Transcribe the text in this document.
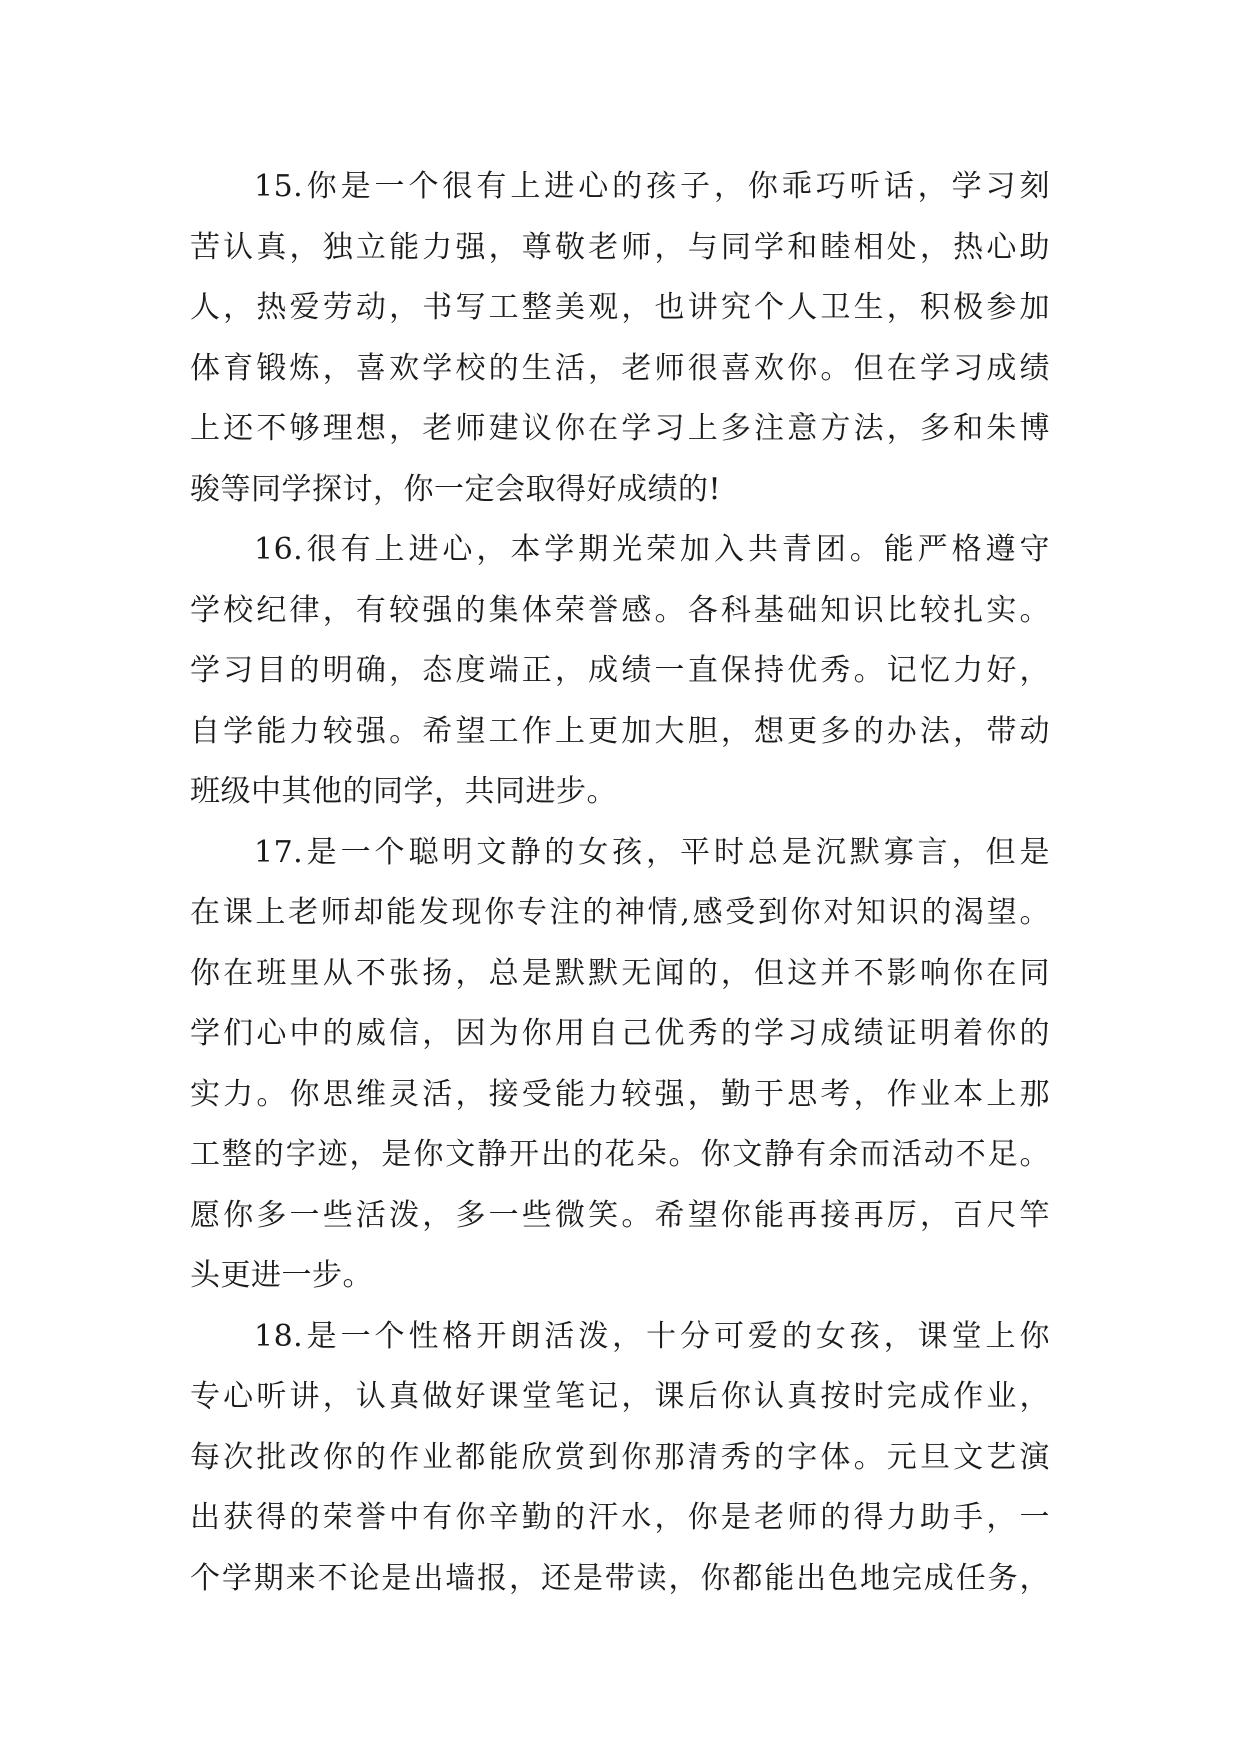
15.你是一个很有上进心的孩子，你乖巧听话，学习刻
苦认真，独立能力强，尊敬老师，与同学和睦相处，热心助
人，热爱劳动，书写工整美观，也讲究个人卫生，积极参加
体育锻炼，喜欢学校的生活，老师很喜欢你。但在学习成绩
上还不够理想，老师建议你在学习上多注意方法，多和朱博
骏等同学探讨，你一定会取得好成绩的!
16.很有上进心，本学期光荣加入共青团。能严格遵守
学校纪律，有较强的集体荣誉感。各科基础知识比较扎实。
学习目的明确，态度端正，成绩一直保持优秀。记忆力好，
自学能力较强。希望工作上更加大胆，想更多的办法，带动
班级中其他的同学，共同进步。
17.是一个聪明文静的女孩，平时总是沉默寡言，但是
在课上老师却能发现你专注的神情,感受到你对知识的渴望。
你在班里从不张扬，总是默默无闻的，但这并不影响你在同
学们心中的威信，因为你用自己优秀的学习成绩证明着你的
实力。你思维灵活，接受能力较强，勤于思考，作业本上那
工整的字迹，是你文静开出的花朵。你文静有余而活动不足。
愿你多一些活泼，多一些微笑。希望你能再接再厉，百尺竿
头更进一步。
18.是一个性格开朗活泼，十分可爱的女孩，课堂上你
专心听讲，认真做好课堂笔记，课后你认真按时完成作业，
每次批改你的作业都能欣赏到你那清秀的字体。元旦文艺演
出获得的荣誉中有你辛勤的汗水，你是老师的得力助手，一
个学期来不论是出墙报，还是带读，你都能出色地完成任务，
